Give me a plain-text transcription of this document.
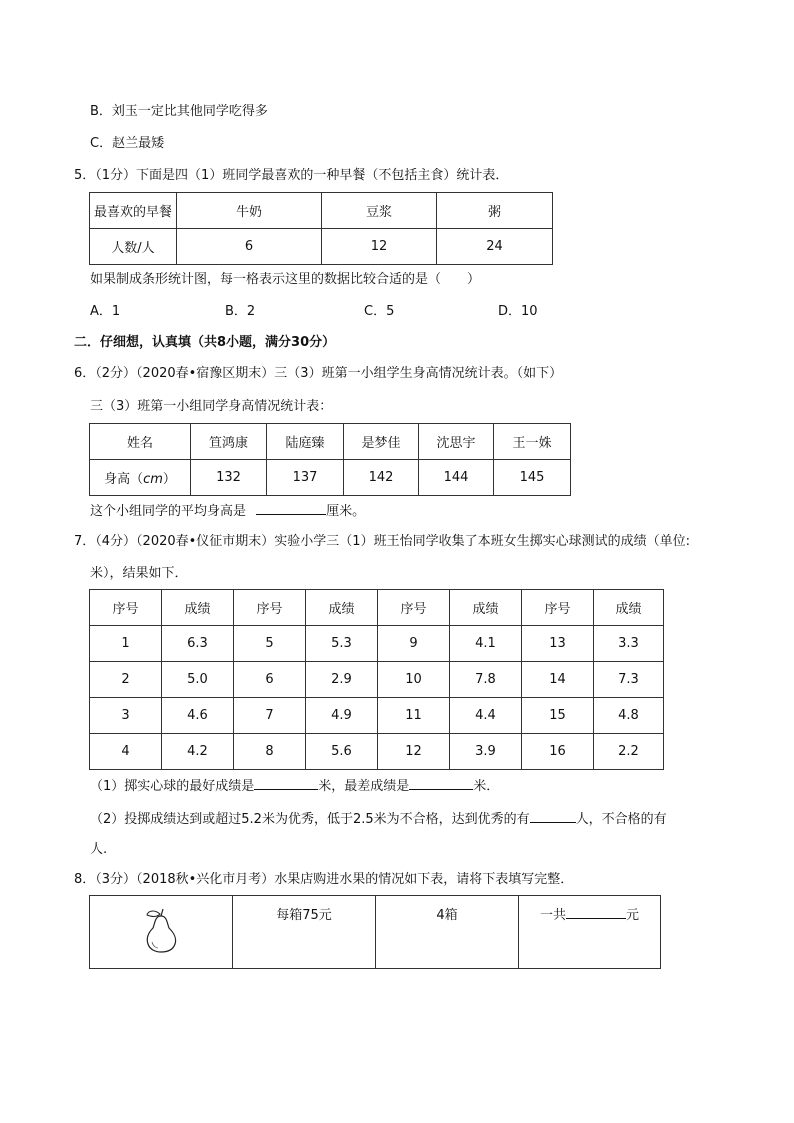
B．刘玉一定比其他同学吃得多
C．赵兰最矮
5．（1分）下面是四（1）班同学最喜欢的一种早餐（不包括主食）统计表．
最喜欢的早餐	牛奶	豆浆	粥
人数/人	6	12	24
如果制成条形统计图，每一格表示这里的数据比较合适的是（　　）
A．1	B．2	C．5	D．10
二．仔细想，认真填（共8小题，满分30分）
6．（2分）（2020春•宿豫区期末）三（3）班第一小组学生身高情况统计表。（如下）
三（3）班第一小组同学身高情况统计表：
姓名	笪鸿康	陆庭臻	是梦佳	沈思宇	王一姝
身高（cm）	132	137	142	144	145
这个小组同学的平均身高是	厘米。
7．（4分）（2020春•仪征市期末）实验小学三（1）班王怡同学收集了本班女生掷实心球测试的成绩（单位:
米），结果如下．
序号	成绩	序号	成绩	序号	成绩	序号	成绩
1	6.3	5	5.3	9	4.1	13	3.3
2	5.0	6	2.9	10	7.8	14	7.3
3	4.6	7	4.9	11	4.4	15	4.8
4	4.2	8	5.6	12	3.9	16	2.2
（1）掷实心球的最好成绩是	米，最差成绩是	米．
（2）投掷成绩达到或超过5.2米为优秀，低于2.5米为不合格，达到优秀的有	人，不合格的有
人.
8．（3分）（2018秋•兴化市月考）水果店购进水果的情况如下表，请将下表填写完整．
	每箱75元	4箱	一共	元
